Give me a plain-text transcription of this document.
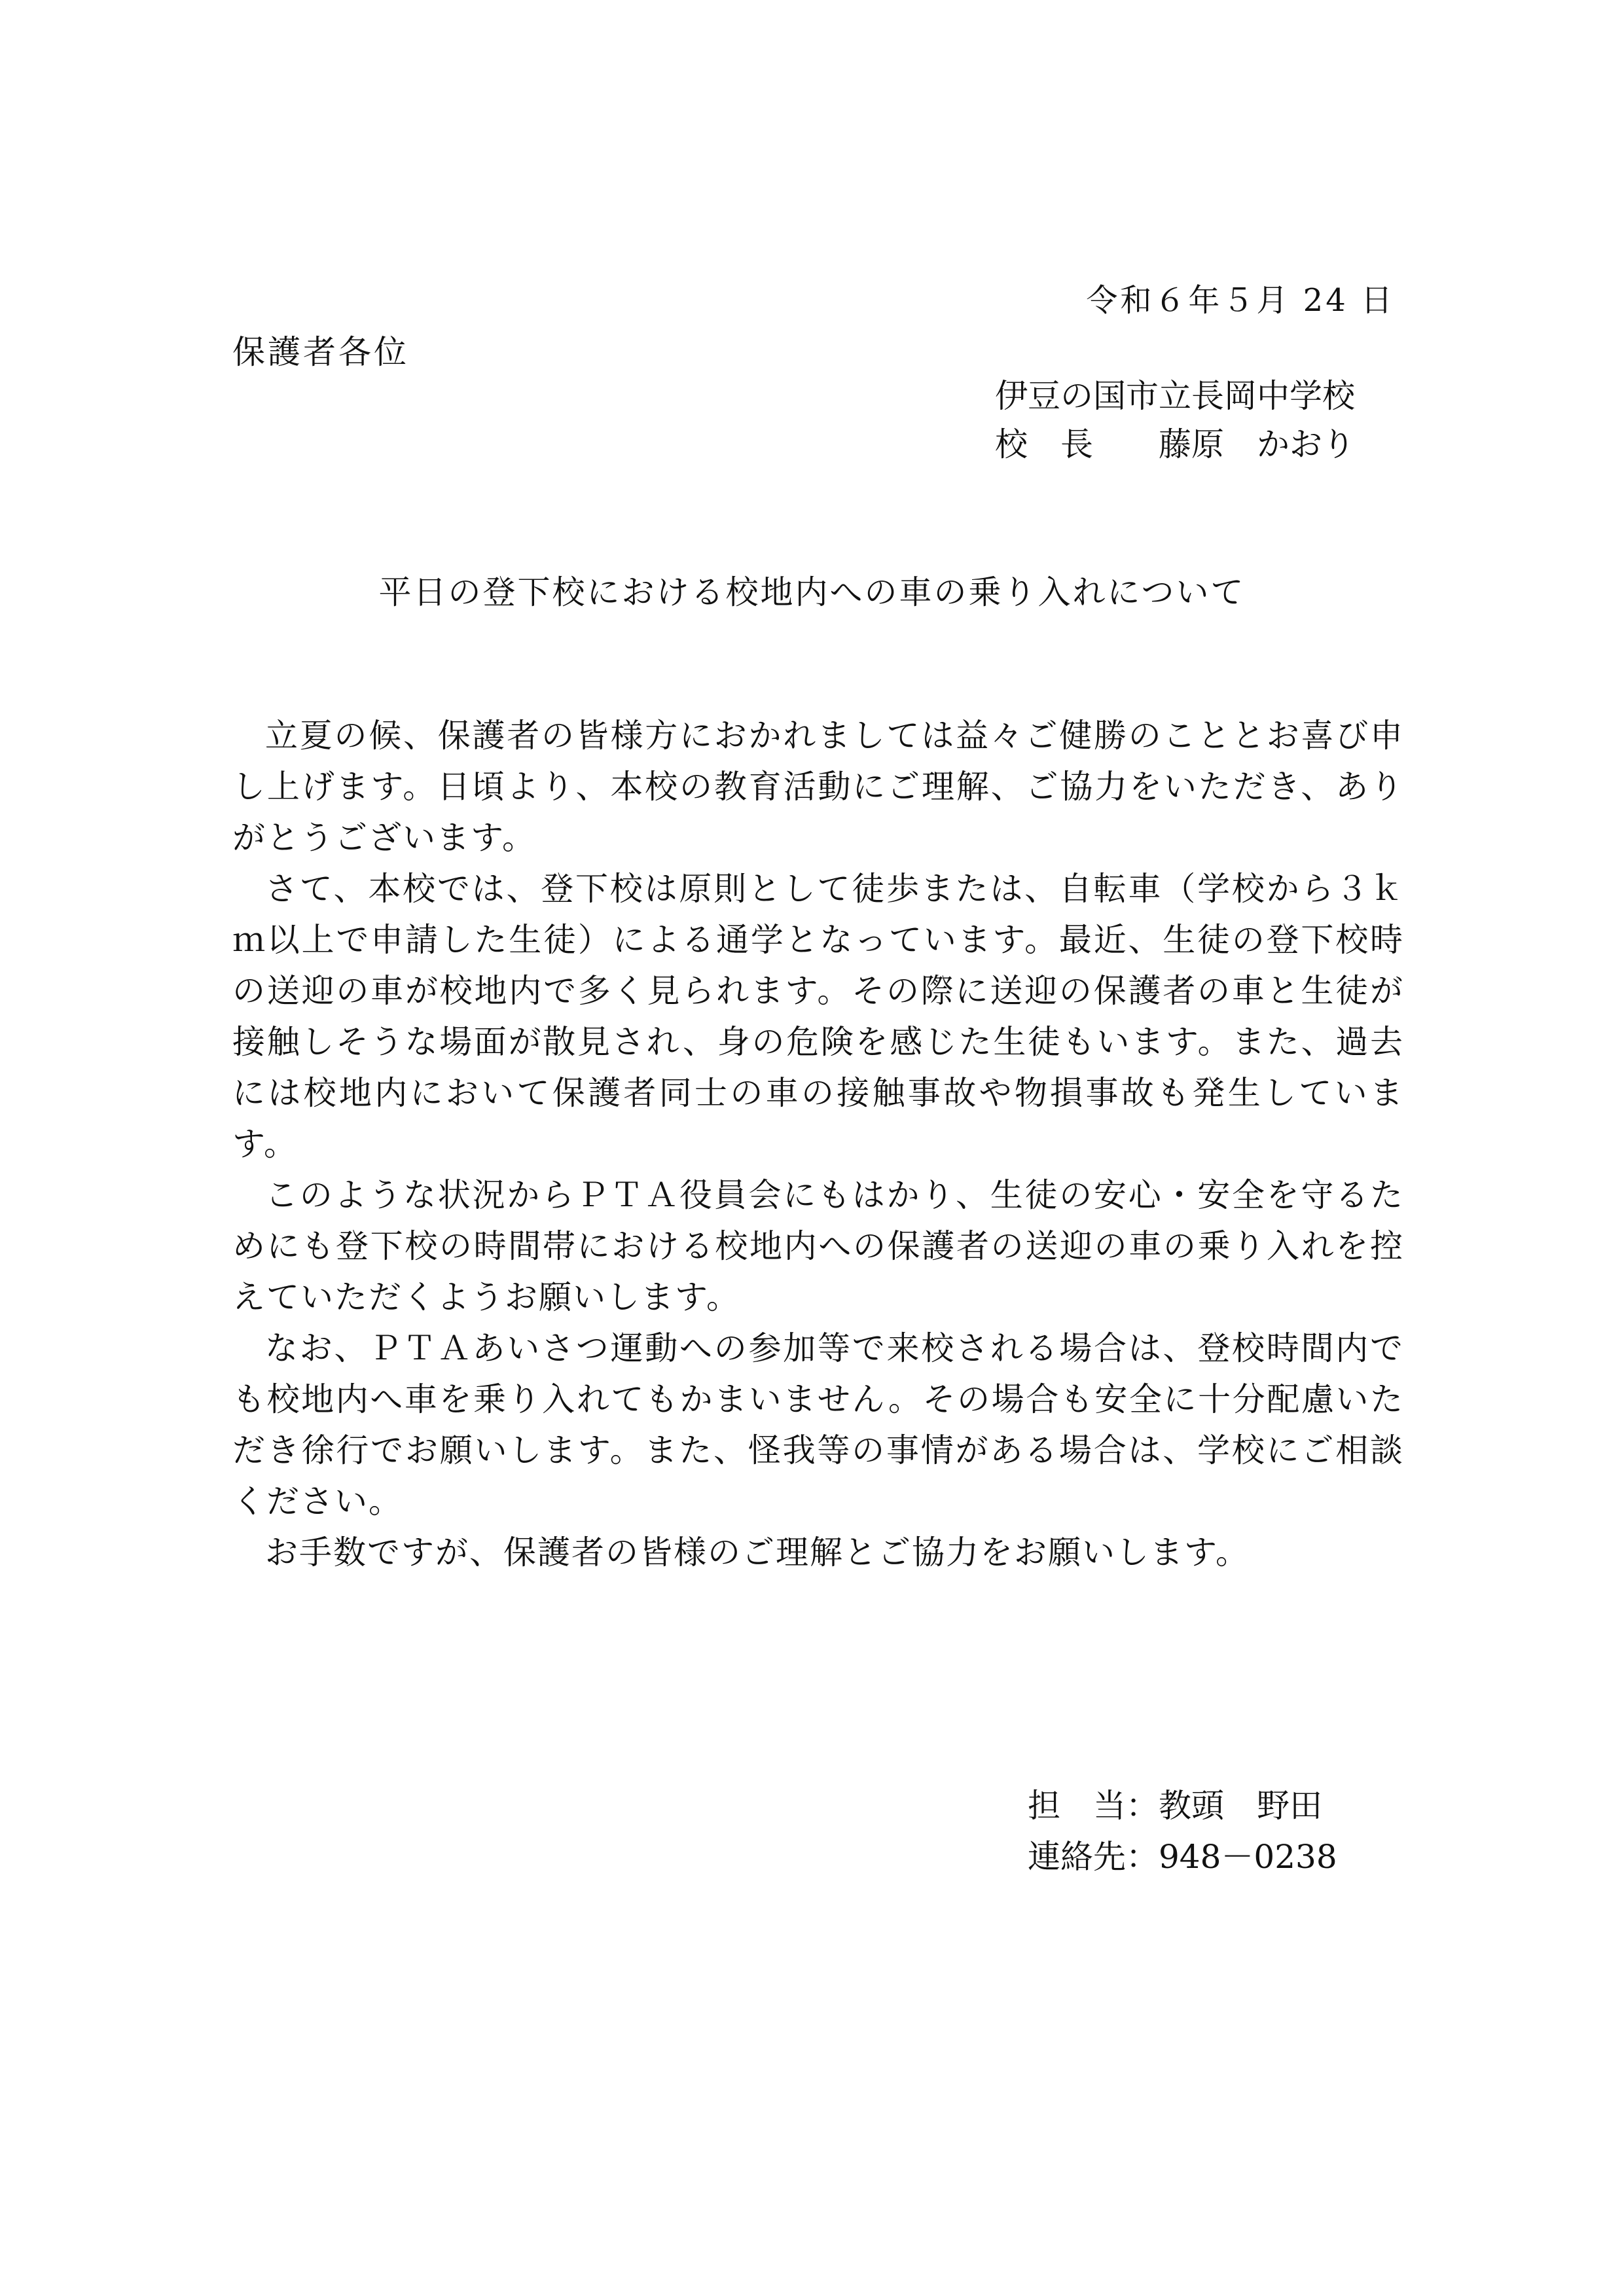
令和６年５月 24 日
保護者各位
伊豆の国市立長岡中学校
校　長 藤原　かおり
平日の登下校における校地内への車の乗り入れについて

立夏の候、保護者の皆様方におかれましては益々ご健勝のこととお喜び申し上げます。日頃より、本校の教育活動にご理解、ご協力をいただき、ありがとうございます。

さて、本校では、登下校は原則として徒歩または、自転車（学校から３ｋｍ以上で申請した生徒）による通学となっています。最近、生徒の登下校時の送迎の車が校地内で多く見られます。その際に送迎の保護者の車と生徒が接触しそうな場面が散見され、身の危険を感じた生徒もいます。また、過去には校地内において保護者同士の車の接触事故や物損事故も発生しています。

このような状況からＰＴＡ役員会にもはかり、生徒の安心・安全を守るためにも登下校の時間帯における校地内への保護者の送迎の車の乗り入れを控えていただくようお願いします。

なお、ＰＴＡあいさつ運動への参加等で来校される場合は、登校時間内でも校地内へ車を乗り入れてもかまいません。その場合も安全に十分配慮いただき徐行でお願いします。また、怪我等の事情がある場合は、学校にご相談ください。

お手数ですが、保護者の皆様のご理解とご協力をお願いします。

担　当：教頭　野田
連絡先：948－0238
